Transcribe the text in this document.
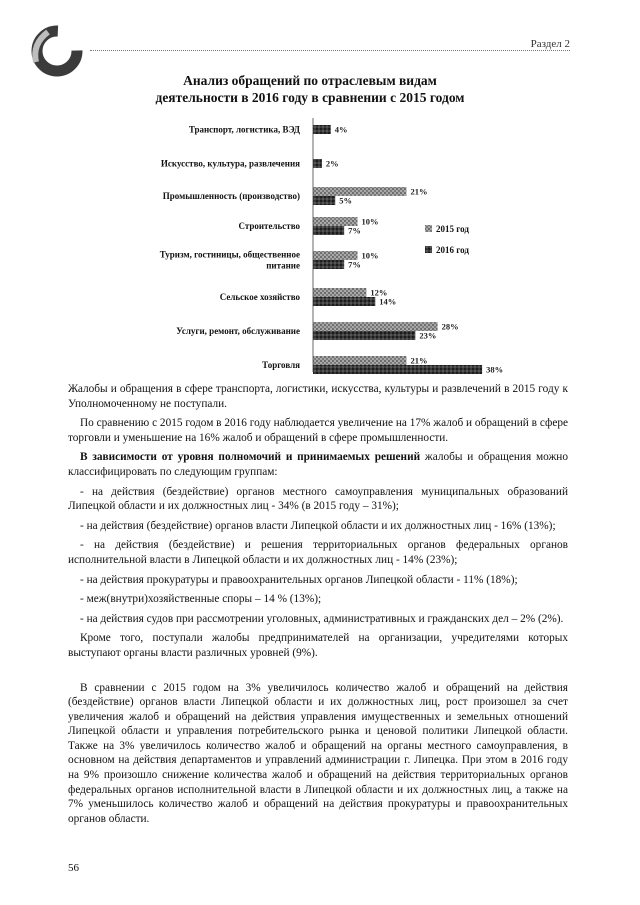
Раздел 2
Анализ обращений по отраслевым видам
деятельности в 2016 году в сравнении с 2015 годом
Транспорт, логистика, ВЭД	4%
Искусство, культура, развлечения	2%
Промышленность (производство)	21%
5%
Строительство	10%
7%
Туризм, гостиницы, общественное
питание
10%
7%
Сельское хозяйство	12%
14%
Услуги, ремонт, обслуживание	28%
23%
Торговля	21%
38%
2015 год
2016 год

Жалобы и обращения в сфере транспорта, логистики, искусства, культуры и развлечений в 2015 году к Уполномоченному не поступали.

По сравнению с 2015 годом в 2016 году наблюдается увеличение на 17% жалоб и обращений в сфере торговли и уменьшение на 16% жалоб и обращений в сфере промышленности.

В зависимости от уровня полномочий и принимаемых решений жалобы и обращения можно классифицировать по следующим группам:

- на действия (бездействие) органов местного самоуправления муниципальных образований Липецкой области и их должностных лиц - 34% (в 2015 году – 31%);

- на действия (бездействие) органов власти Липецкой области и их должностных лиц - 16% (13%);

- на действия (бездействие) и решения территориальных органов федеральных органов исполнительной власти в Липецкой области и их должностных лиц - 14% (23%);

- на действия прокуратуры и правоохранительных органов Липецкой области - 11% (18%);

- меж(внутри)хозяйственные споры – 14 % (13%);

- на действия судов при рассмотрении уголовных, административных и гражданских дел – 2% (2%).

Кроме того, поступали жалобы предпринимателей на организации, учредителями которых выступают органы власти различных уровней (9%).

В сравнении с 2015 годом на 3% увеличилось количество жалоб и обращений на действия (бездействие) органов власти Липецкой области и их должностных лиц, рост произошел за счет увеличения жалоб и обращений на действия управления имущественных и земельных отношений Липецкой области и управления потребительского рынка и ценовой политики Липецкой области. Также на 3% увеличилось количество жалоб и обращений на органы местного самоуправления, в основном на действия департаментов и управлений администрации г. Липецка. При этом в 2016 году на 9% произошло снижение количества жалоб и обращений на действия территориальных органов федеральных органов исполнительной власти в Липецкой области и их должностных лиц, а также на 7% уменьшилось количество жалоб и обращений на действия прокуратуры и правоохранительных органов области.

56
